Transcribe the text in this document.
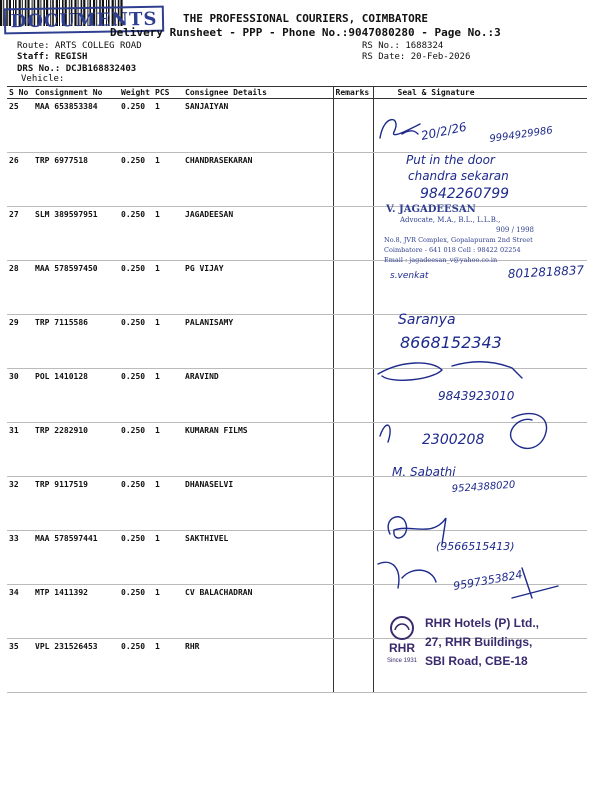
DOCUMENTS	THE PROFESSIONAL COURIERS, COIMBATORE
Delivery Runsheet - PPP - Phone No.:9047080280 - Page No.:3
Route: ARTS COLLEG ROAD
Staff: REGISH
DRS No.: DCJB168832403
Vehicle:
RS No.: 1688324
RS Date: 20-Feb-2026
S No	Consignment No	Weight	PCS	Consignee Details	Remarks	Seal & Signature
25	MAA 653853384	0.250	1	SANJAIYAN		
26	TRP 6977518	0.250	1	CHANDRASEKARAN		
27	SLM 389597951	0.250	1	JAGADEESAN		
28	MAA 578597450	0.250	1	PG VIJAY		
29	TRP 7115586	0.250	1	PALANISAMY		
30	POL 1410128	0.250	1	ARAVIND		
31	TRP 2282910	0.250	1	KUMARAN FILMS		
32	TRP 9117519	0.250	1	DHANASELVI		
33	MAA 578597441	0.250	1	SAKTHIVEL		
34	MTP 1411392	0.250	1	CV BALACHADRAN		
35	VPL 231526453	0.250	1	RHR		
20/2/26 9994929986
Put in the door
chandra sekaran
9842260799
s.venkat	8012818837
Saranya
8668152343
9843923010
2300208
M. Sabathi
9524388020
(9566515413)
9597353824
V. JAGADEESAN
Advocate, M.A., B.L., L.L.B.,
909 / 1998
No.8, JVR Complex, Gopalapuram 2nd Street
Coimbatore - 641 018 Cell : 98422 02254
Email : jagadeesan_v@yahoo.co.in
RHR
Since 1931
RHR Hotels (P) Ltd.,
27, RHR Buildings,
SBI Road, CBE-18
